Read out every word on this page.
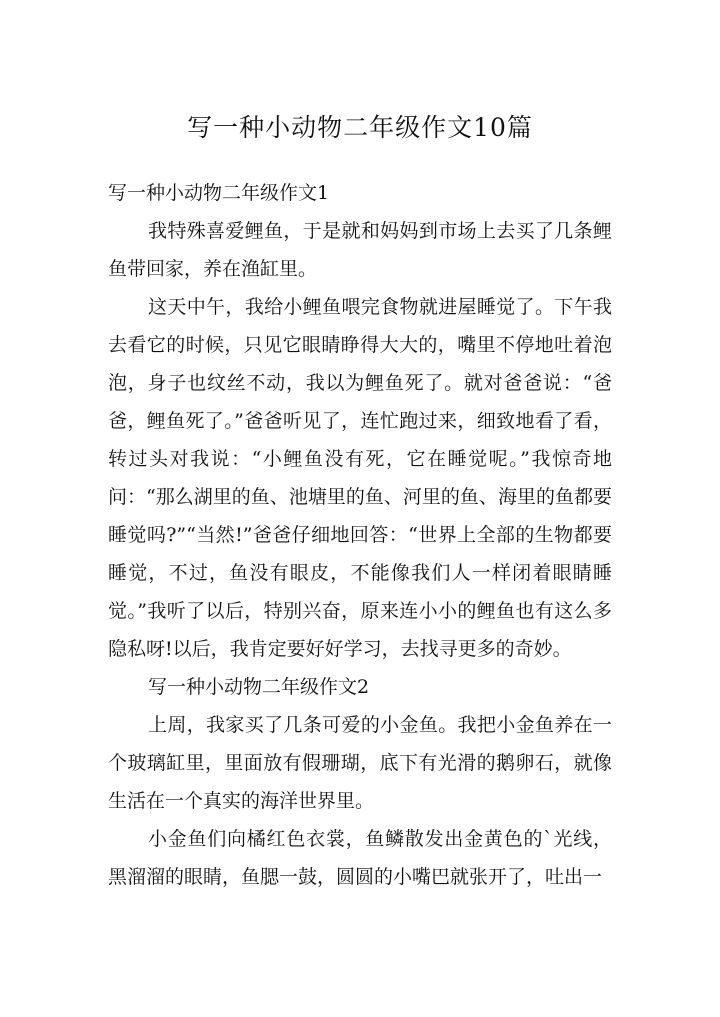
写一种小动物二年级作文10篇
写一种小动物二年级作文1

我特殊喜爱鲤鱼，于是就和妈妈到市场上去买了几条鲤鱼带回家，养在渔缸里。

这天中午，我给小鲤鱼喂完食物就进屋睡觉了。下午我去看它的时候，只见它眼睛睁得大大的，嘴里不停地吐着泡泡，身子也纹丝不动，我以为鲤鱼死了。就对爸爸说：“爸爸，鲤鱼死了。”爸爸听见了，连忙跑过来，细致地看了看，转过头对我说：“小鲤鱼没有死，它在睡觉呢。”我惊奇地问：“那么湖里的鱼、池塘里的鱼、河里的鱼、海里的鱼都要睡觉吗?”“当然!”爸爸仔细地回答：“世界上全部的生物都要睡觉，不过，鱼没有眼皮，不能像我们人一样闭着眼睛睡觉。”我听了以后，特别兴奋，原来连小小的鲤鱼也有这么多隐私呀!以后，我肯定要好好学习，去找寻更多的奇妙。

写一种小动物二年级作文2

上周，我家买了几条可爱的小金鱼。我把小金鱼养在一个玻璃缸里，里面放有假珊瑚，底下有光滑的鹅卵石，就像生活在一个真实的海洋世界里。

小金鱼们向橘红色衣裳，鱼鳞散发出金黄色的`光线，黑溜溜的眼睛，鱼腮一鼓，圆圆的小嘴巴就张开了，吐出一
